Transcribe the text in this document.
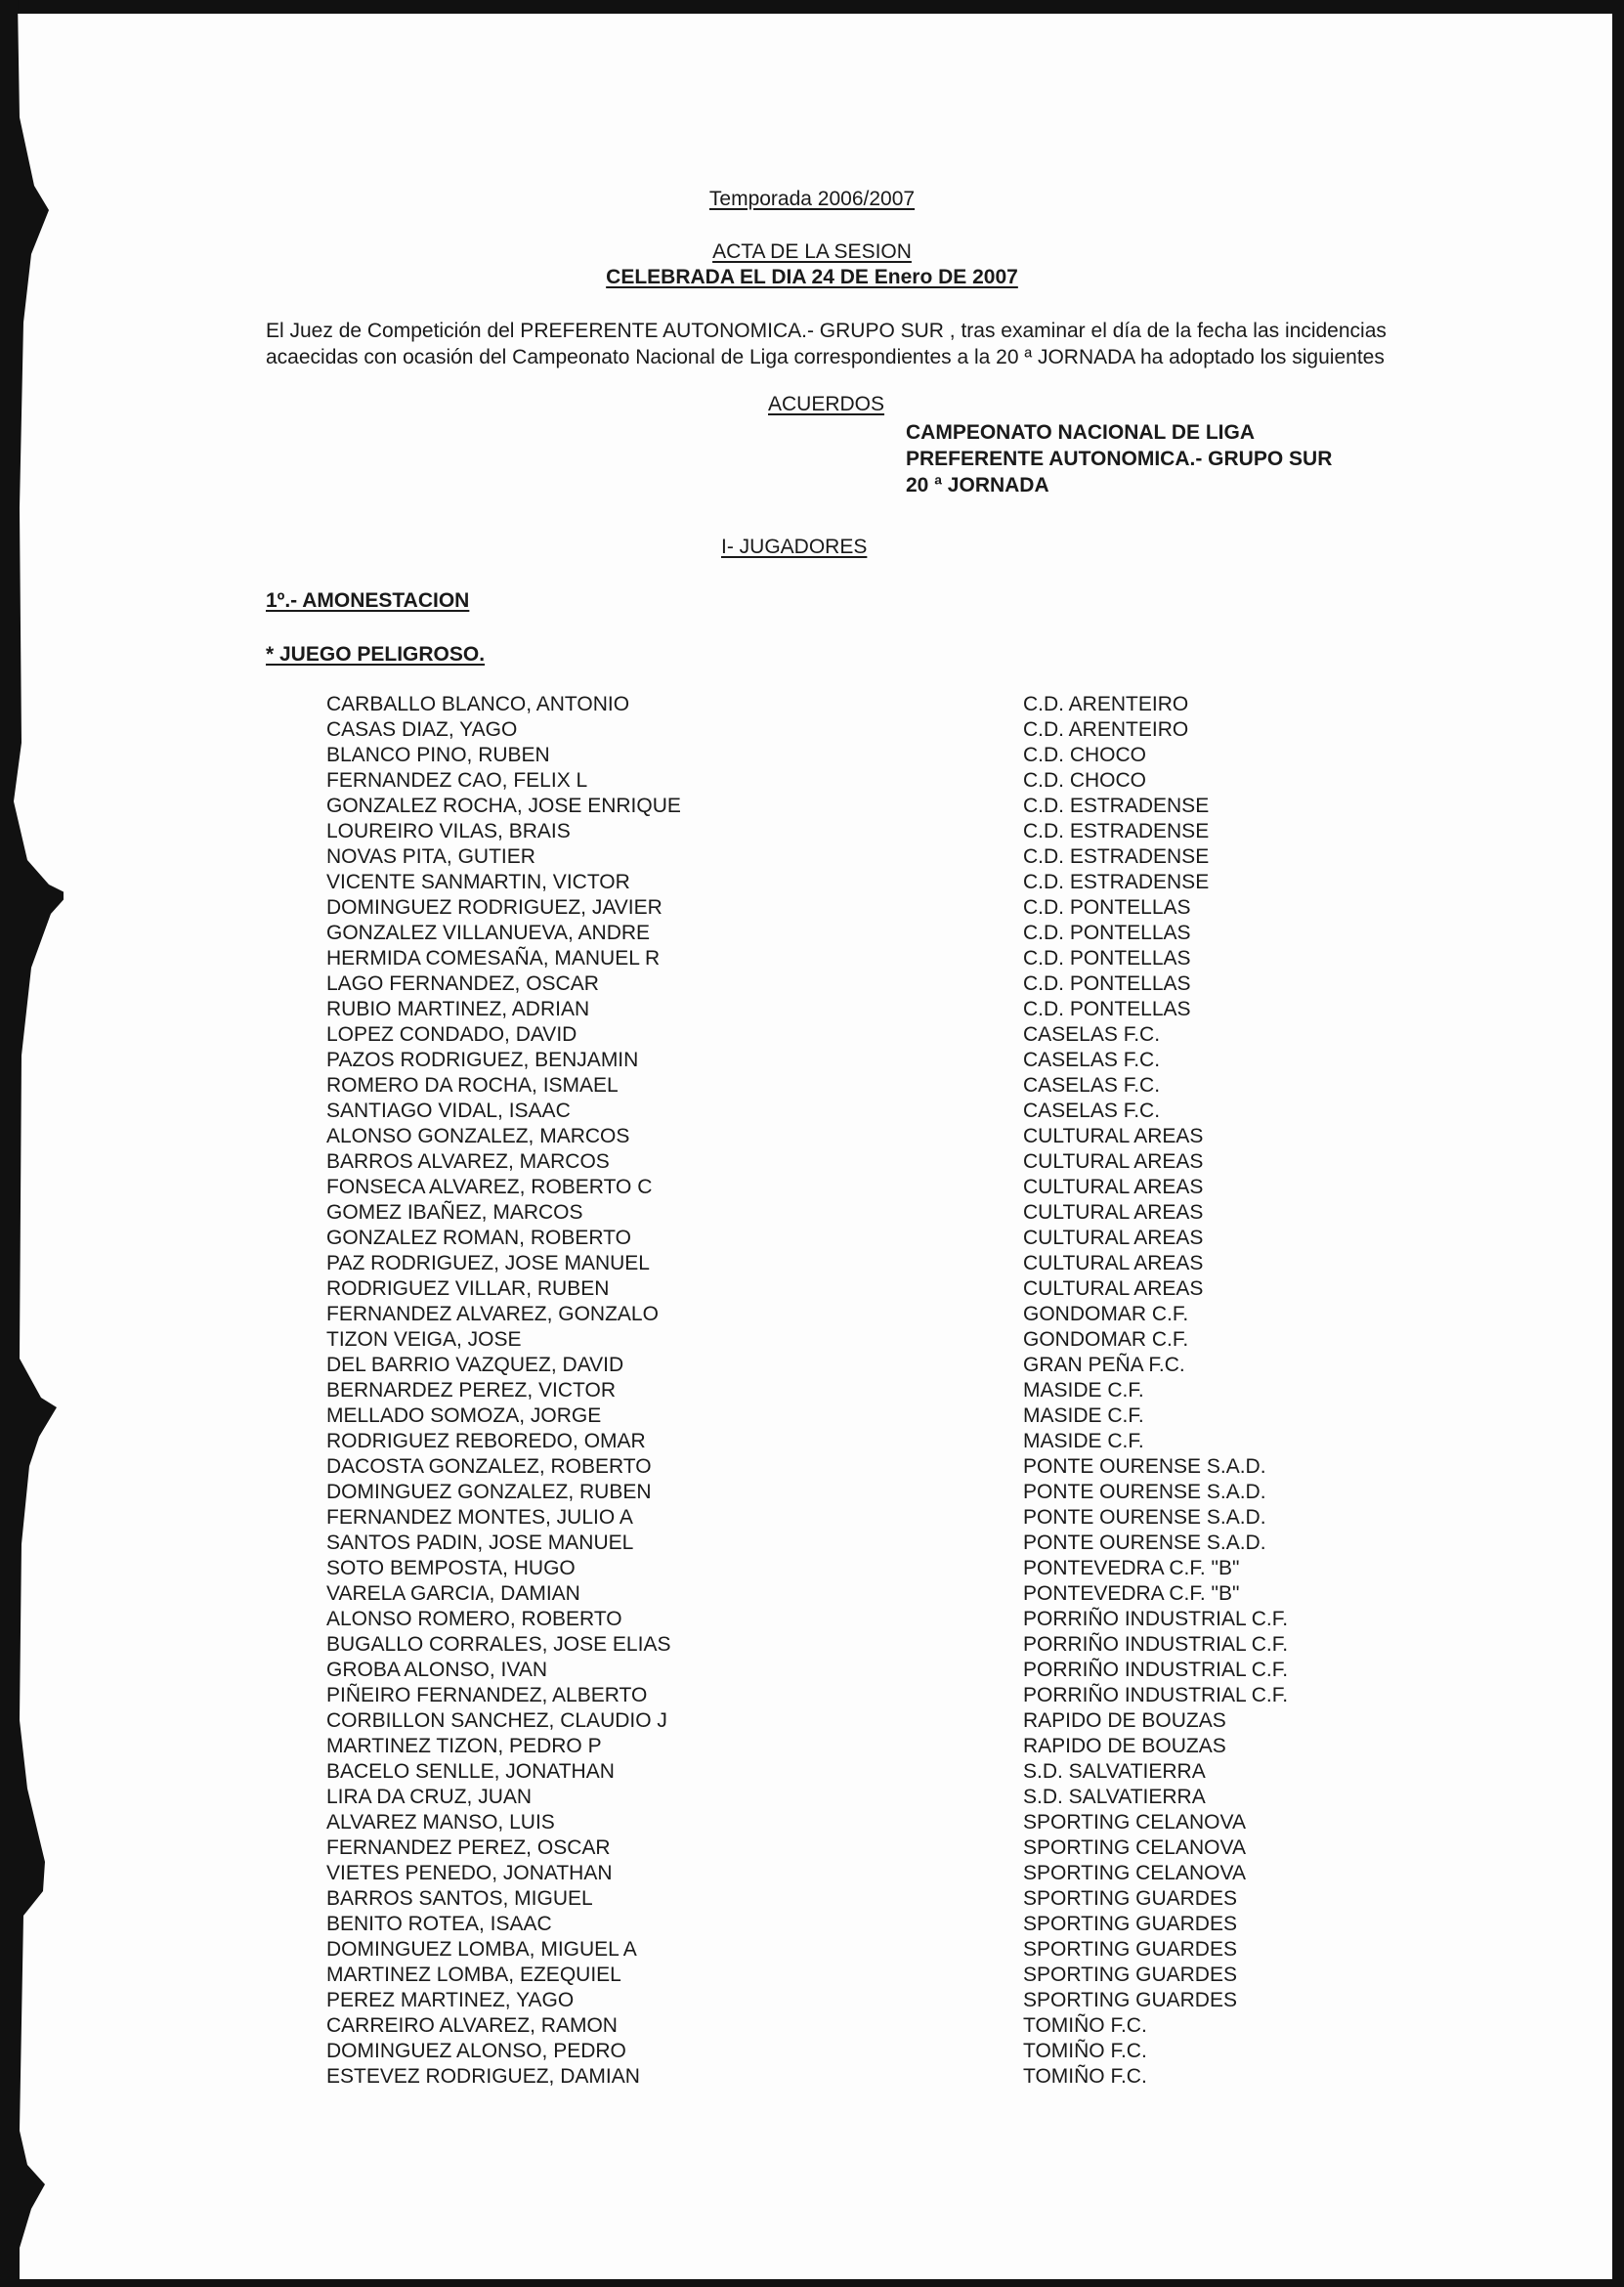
Temporada 2006/2007
ACTA DE LA SESION
CELEBRADA EL DIA 24 DE Enero DE 2007
El Juez de Competición del PREFERENTE AUTONOMICA.- GRUPO SUR , tras examinar el día de la fecha las incidencias
acaecidas con ocasión del Campeonato Nacional de Liga correspondientes a la 20 ª JORNADA ha adoptado los siguientes
ACUERDOS
CAMPEONATO NACIONAL DE LIGA
PREFERENTE AUTONOMICA.- GRUPO SUR
20 ª JORNADA
I- JUGADORES
1º.- AMONESTACION
* JUEGO PELIGROSO.
CARBALLO BLANCO, ANTONIO	C.D. ARENTEIRO
CASAS DIAZ, YAGO	C.D. ARENTEIRO
BLANCO PINO, RUBEN	C.D. CHOCO
FERNANDEZ CAO, FELIX L	C.D. CHOCO
GONZALEZ ROCHA, JOSE ENRIQUE	C.D. ESTRADENSE
LOUREIRO VILAS, BRAIS	C.D. ESTRADENSE
NOVAS PITA, GUTIER	C.D. ESTRADENSE
VICENTE SANMARTIN, VICTOR	C.D. ESTRADENSE
DOMINGUEZ RODRIGUEZ, JAVIER	C.D. PONTELLAS
GONZALEZ VILLANUEVA, ANDRE	C.D. PONTELLAS
HERMIDA COMESAÑA, MANUEL R	C.D. PONTELLAS
LAGO FERNANDEZ, OSCAR	C.D. PONTELLAS
RUBIO MARTINEZ, ADRIAN	C.D. PONTELLAS
LOPEZ CONDADO, DAVID	CASELAS F.C.
PAZOS RODRIGUEZ, BENJAMIN	CASELAS F.C.
ROMERO DA ROCHA, ISMAEL	CASELAS F.C.
SANTIAGO VIDAL, ISAAC	CASELAS F.C.
ALONSO GONZALEZ, MARCOS	CULTURAL AREAS
BARROS ALVAREZ, MARCOS	CULTURAL AREAS
FONSECA ALVAREZ, ROBERTO C	CULTURAL AREAS
GOMEZ IBAÑEZ, MARCOS	CULTURAL AREAS
GONZALEZ ROMAN, ROBERTO	CULTURAL AREAS
PAZ RODRIGUEZ, JOSE MANUEL	CULTURAL AREAS
RODRIGUEZ VILLAR, RUBEN	CULTURAL AREAS
FERNANDEZ ALVAREZ, GONZALO	GONDOMAR C.F.
TIZON VEIGA, JOSE	GONDOMAR C.F.
DEL BARRIO VAZQUEZ, DAVID	GRAN PEÑA F.C.
BERNARDEZ PEREZ, VICTOR	MASIDE C.F.
MELLADO SOMOZA, JORGE	MASIDE C.F.
RODRIGUEZ REBOREDO, OMAR	MASIDE C.F.
DACOSTA GONZALEZ, ROBERTO	PONTE OURENSE S.A.D.
DOMINGUEZ GONZALEZ, RUBEN	PONTE OURENSE S.A.D.
FERNANDEZ MONTES, JULIO A	PONTE OURENSE S.A.D.
SANTOS PADIN, JOSE MANUEL	PONTE OURENSE S.A.D.
SOTO BEMPOSTA, HUGO	PONTEVEDRA C.F. "B"
VARELA GARCIA, DAMIAN	PONTEVEDRA C.F. "B"
ALONSO ROMERO, ROBERTO	PORRIÑO INDUSTRIAL C.F.
BUGALLO CORRALES, JOSE ELIAS	PORRIÑO INDUSTRIAL C.F.
GROBA ALONSO, IVAN	PORRIÑO INDUSTRIAL C.F.
PIÑEIRO FERNANDEZ, ALBERTO	PORRIÑO INDUSTRIAL C.F.
CORBILLON SANCHEZ, CLAUDIO J	RAPIDO DE BOUZAS
MARTINEZ TIZON, PEDRO P	RAPIDO DE BOUZAS
BACELO SENLLE, JONATHAN	S.D. SALVATIERRA
LIRA DA CRUZ, JUAN	S.D. SALVATIERRA
ALVAREZ MANSO, LUIS	SPORTING CELANOVA
FERNANDEZ PEREZ, OSCAR	SPORTING CELANOVA
VIETES PENEDO, JONATHAN	SPORTING CELANOVA
BARROS SANTOS, MIGUEL	SPORTING GUARDES
BENITO ROTEA, ISAAC	SPORTING GUARDES
DOMINGUEZ LOMBA, MIGUEL A	SPORTING GUARDES
MARTINEZ LOMBA, EZEQUIEL	SPORTING GUARDES
PEREZ MARTINEZ, YAGO	SPORTING GUARDES
CARREIRO ALVAREZ, RAMON	TOMIÑO F.C.
DOMINGUEZ ALONSO, PEDRO	TOMIÑO F.C.
ESTEVEZ RODRIGUEZ, DAMIAN	TOMIÑO F.C.
